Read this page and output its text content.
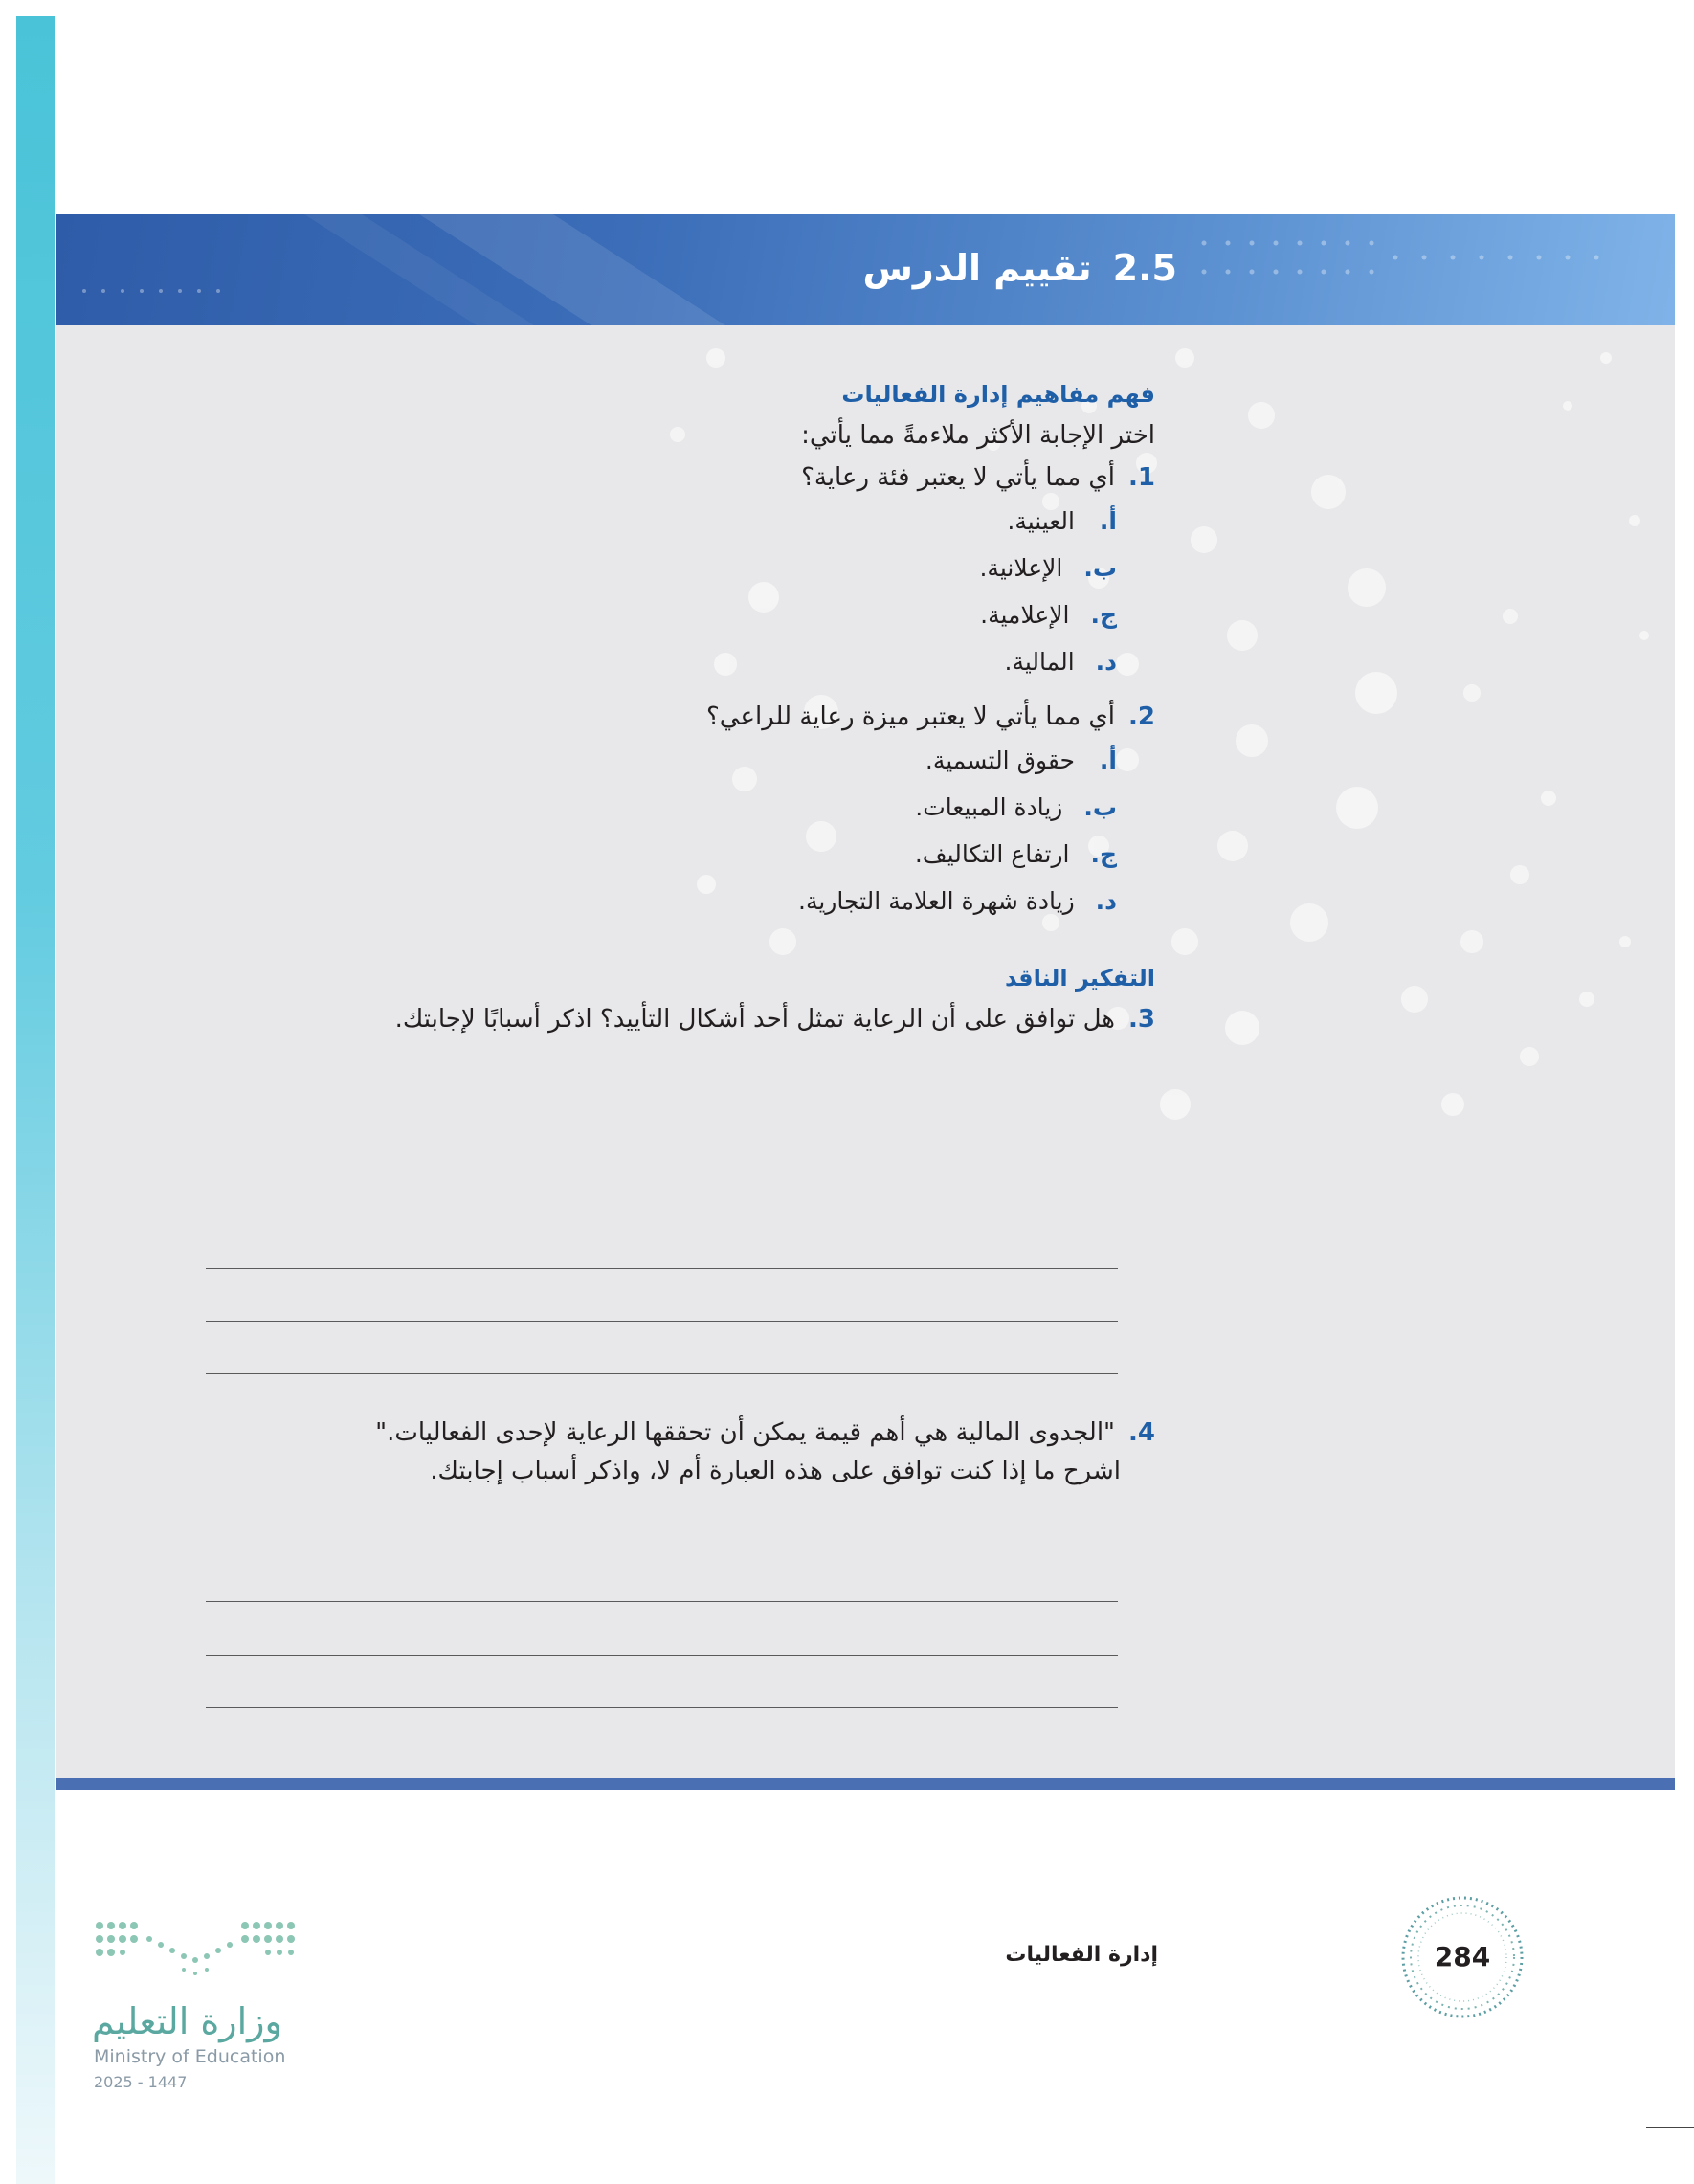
2.5
تقييم الدرس
فهم مفاهيم إدارة الفعاليات
اختر الإجابة الأكثر ملاءمةً مما يأتي:
1.
أي مما يأتي لا يعتبر فئة رعاية؟
أ.
العينية.
ب.
الإعلانية.
ج.
الإعلامية.
د.
المالية.
2.
أي مما يأتي لا يعتبر ميزة رعاية للراعي؟
أ.
حقوق التسمية.
ب.
زيادة المبيعات.
ج.
ارتفاع التكاليف.
د.
زيادة شهرة العلامة التجارية.
التفكير الناقد
3.
هل توافق على أن الرعاية تمثل أحد أشكال التأييد؟ اذكر أسبابًا لإجابتك.
4.
"الجدوى المالية هي أهم قيمة يمكن أن تحققها الرعاية لإحدى الفعاليات."
اشرح ما إذا كنت توافق على هذه العبارة أم لا، واذكر أسباب إجابتك.
إدارة الفعاليات	284
وزارة التعليم
Ministry of Education
2025 - 1447
